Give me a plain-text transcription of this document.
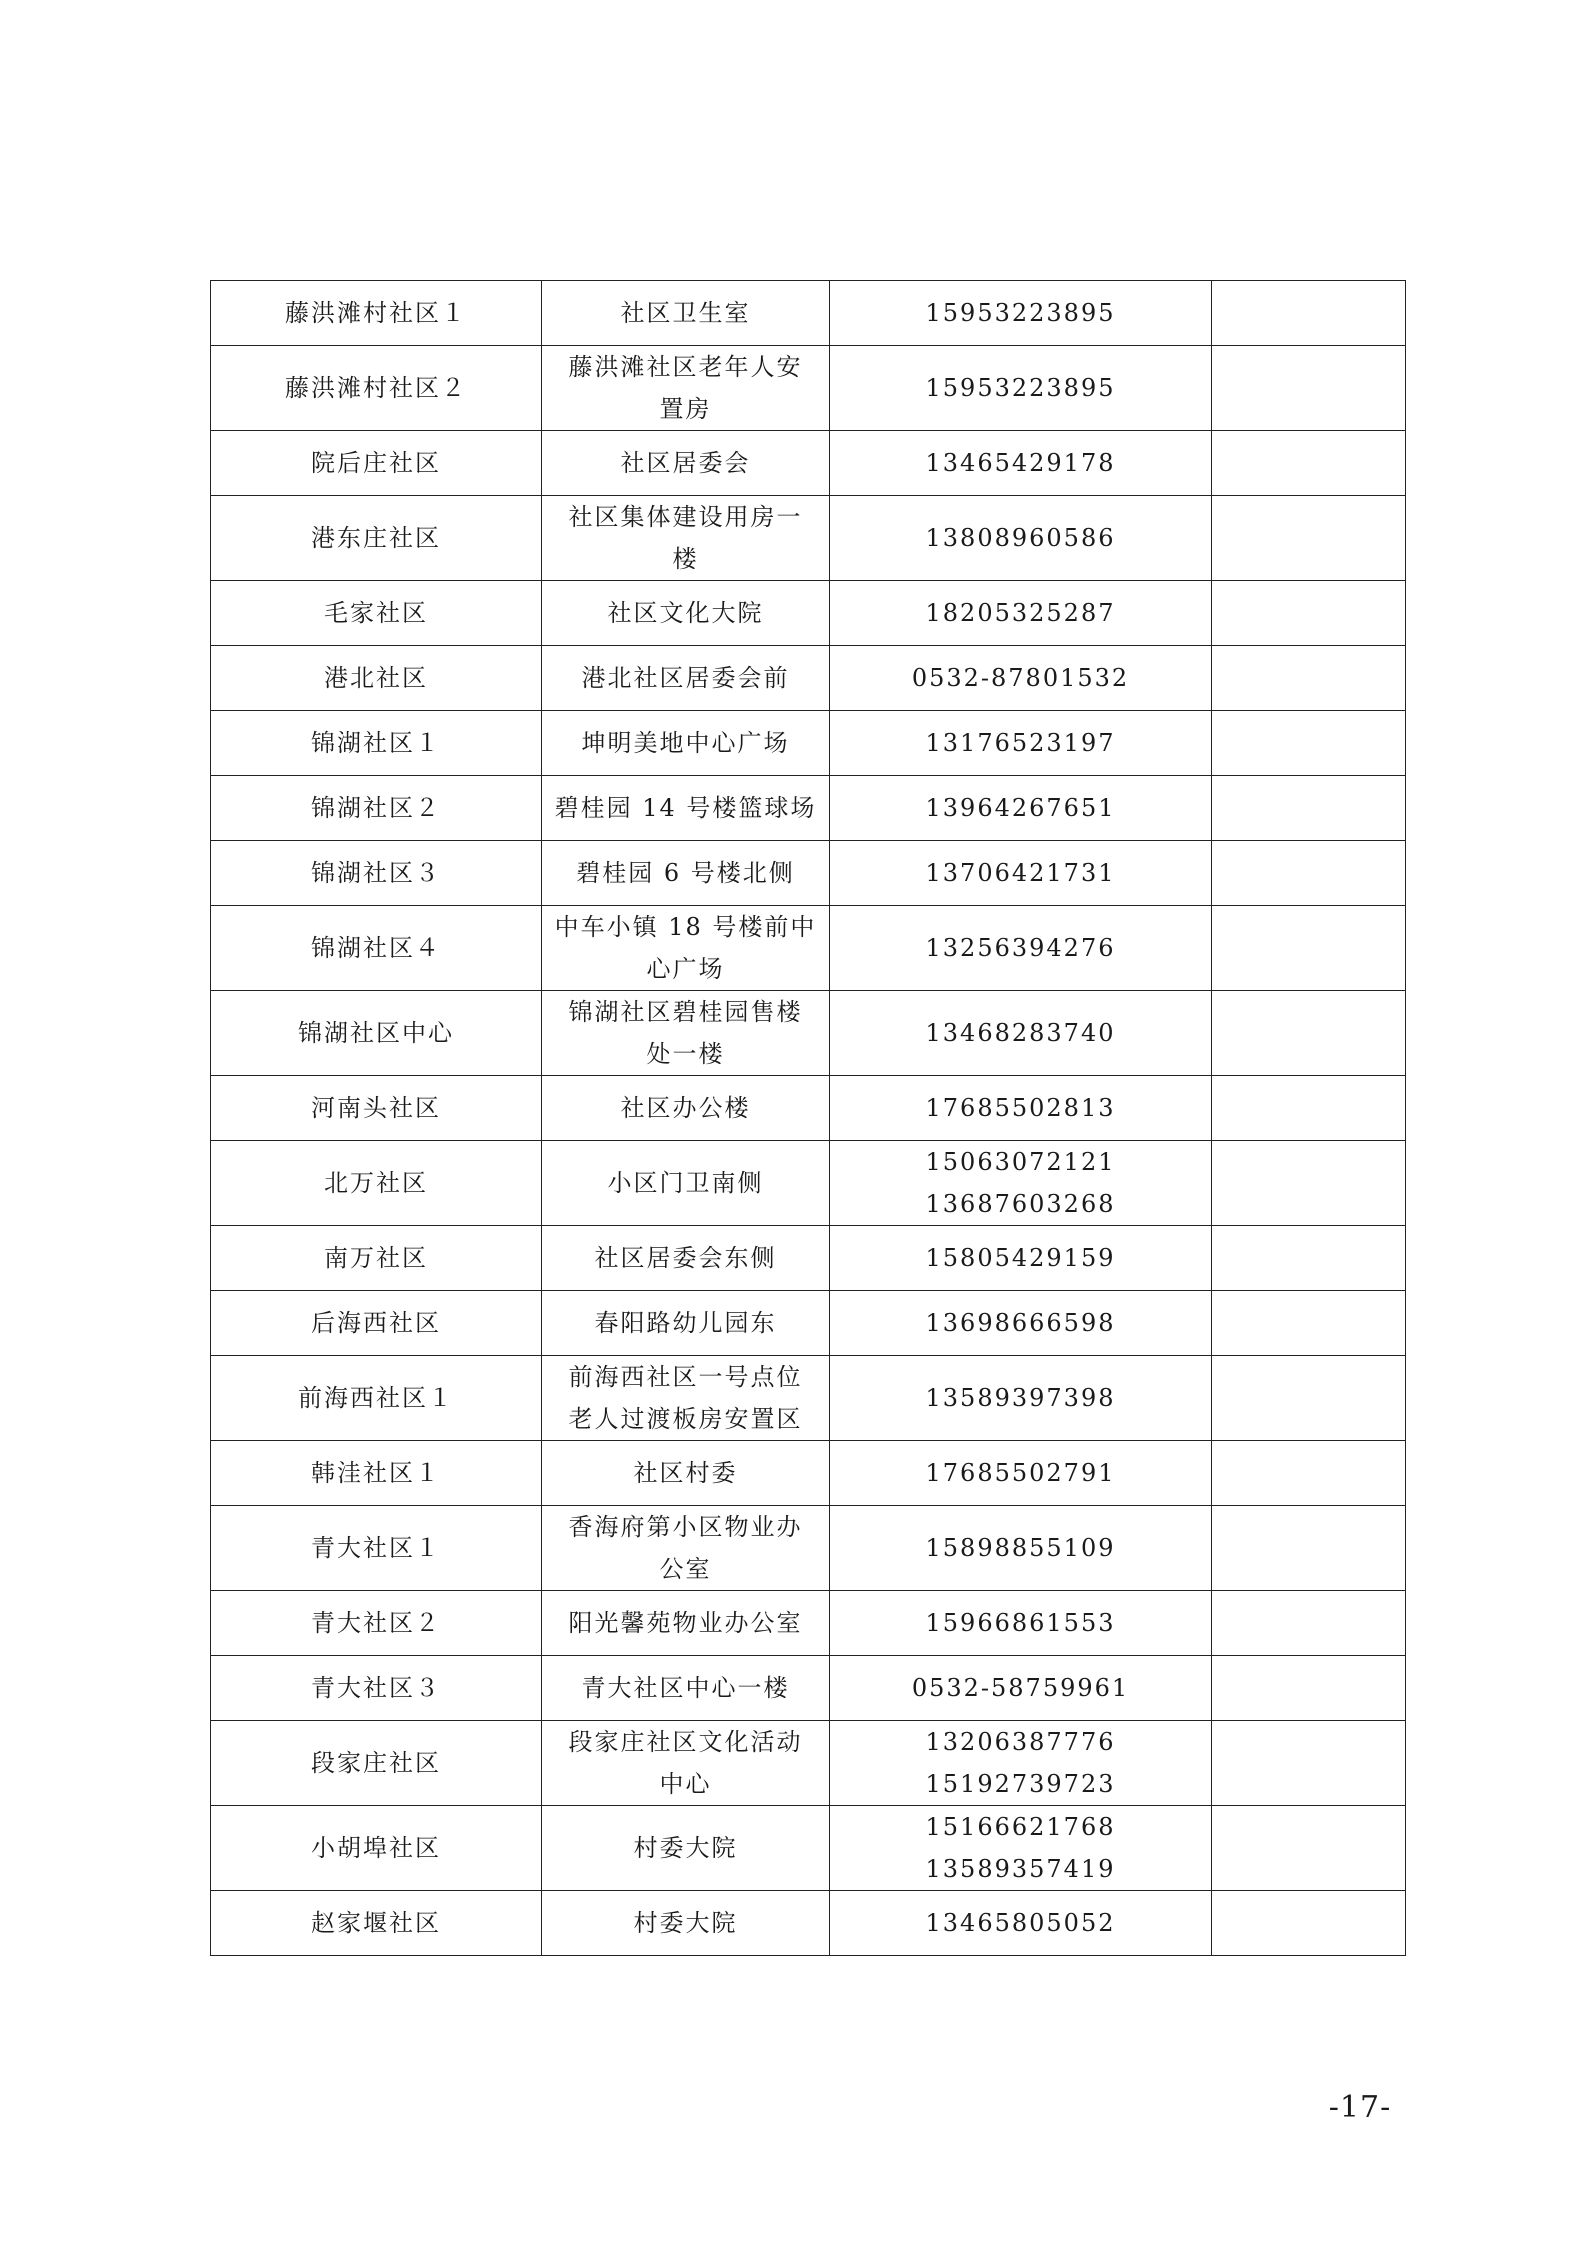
藤洪滩村社区１	社区卫生室	15953223895	

藤洪滩村社区２	藤洪滩社区老年人安
置房	15953223895	

院后庄社区	社区居委会	13465429178	

港东庄社区	社区集体建设用房一
楼	13808960586	

毛家社区	社区文化大院	18205325287	

港北社区	港北社区居委会前	0532-87801532	

锦湖社区１	坤明美地中心广场	13176523197	

锦湖社区２	碧桂园 14 号楼篮球场	13964267651	

锦湖社区３	碧桂园 6 号楼北侧	13706421731	

锦湖社区４	中车小镇 18 号楼前中
心广场	13256394276	

锦湖社区中心	锦湖社区碧桂园售楼
处一楼	13468283740	

河南头社区	社区办公楼	17685502813	

北万社区	小区门卫南侧	15063072121
13687603268	

南万社区	社区居委会东侧	15805429159	

后海西社区	春阳路幼儿园东	13698666598	

前海西社区１	前海西社区一号点位
老人过渡板房安置区	13589397398	

韩洼社区１	社区村委	17685502791	

青大社区１	香海府第小区物业办
公室	15898855109	

青大社区２	阳光馨苑物业办公室	15966861553	

青大社区３	青大社区中心一楼	0532-58759961	

段家庄社区	段家庄社区文化活动
中心	13206387776
15192739723	

小胡埠社区	村委大院	15166621768
13589357419	

赵家堰社区	村委大院	13465805052	

-17-
